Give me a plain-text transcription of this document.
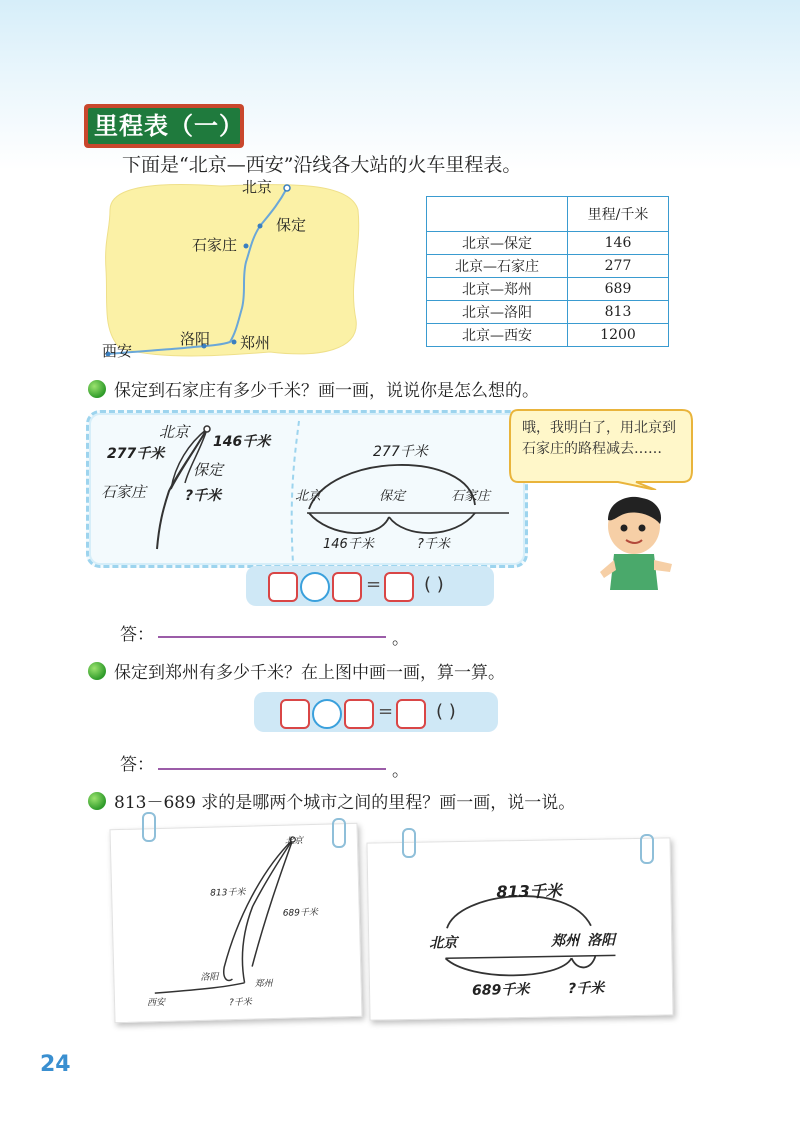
里程表（一）
下面是“北京—西安”沿线各大站的火车里程表。
北京
保定
石家庄
洛阳 郑州
西安
	里程/千米
北京—保定	146
北京—石家庄	277
北京—郑州	689
北京—洛阳	813
北京—西安	1200
保定到石家庄有多少千米？画一画，说说你是怎么想的。
北京
277千米
146千米
保定
石家庄	?千米
277千米
北京	保定	石家庄
146千米	?千米
哦，我明白了，用北京到石家庄的路程减去……
= ( )
答：	。
保定到郑州有多少千米？在上图中画一画，算一算。
= ( )
答：	。
813－689 求的是哪两个城市之间的里程？画一画，说一说。
北京
813千米
689千米
洛阳
郑州
西安	?千米
813千米
北京	郑州 洛阳
689千米	?千米
24
